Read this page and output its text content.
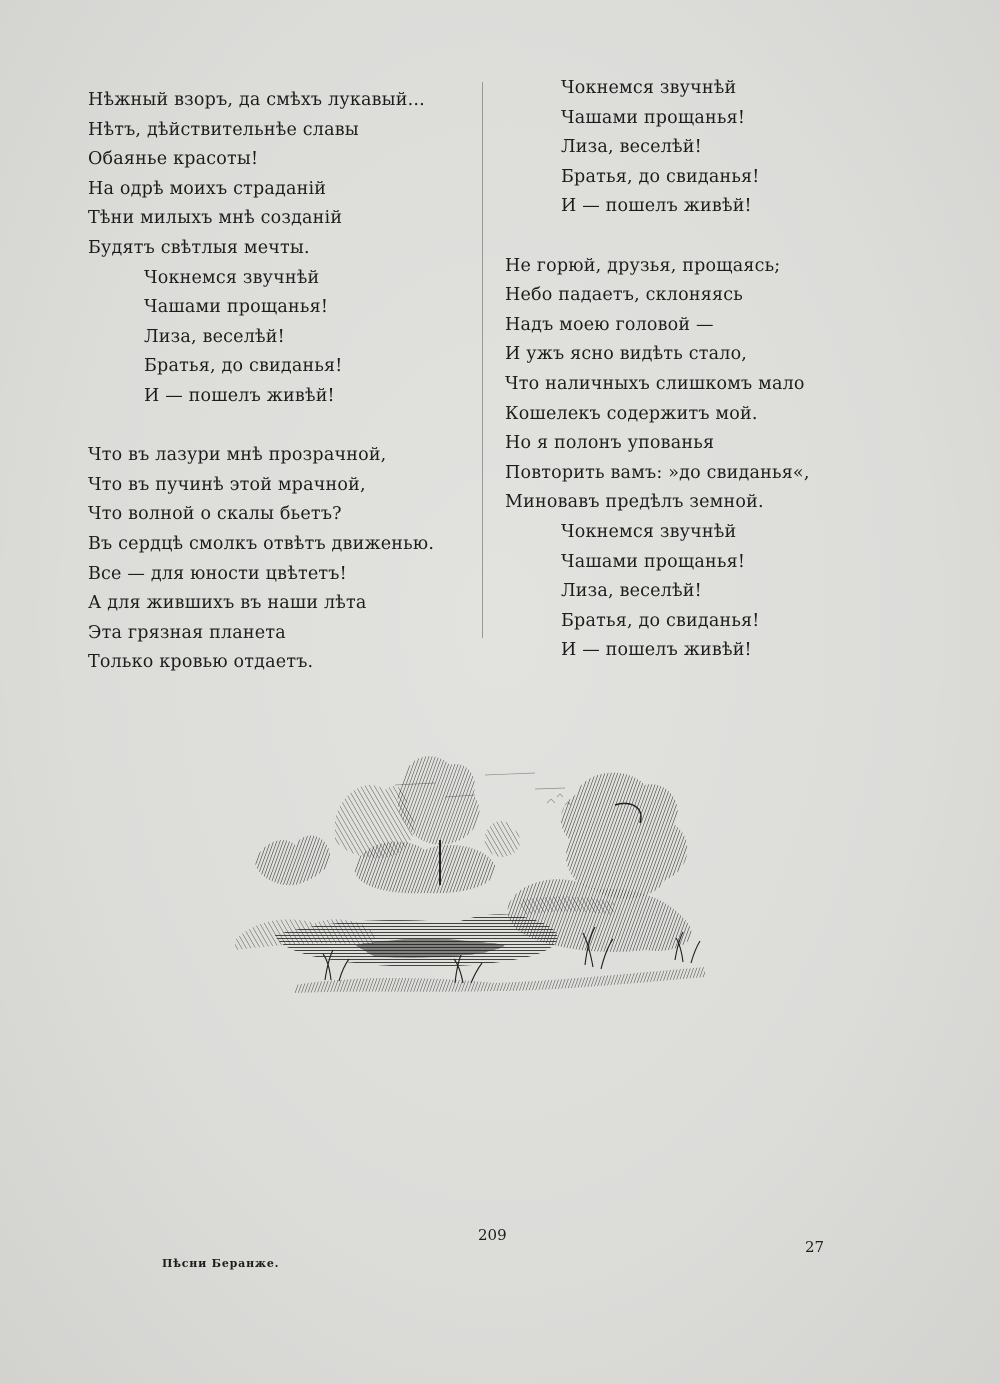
Нѣжный взоръ, да смѣхъ лукавый...
Нѣтъ, дѣйствительнѣе славы
Обаянье красоты!
На одрѣ моихъ страданій
Тѣни милыхъ мнѣ созданій
Будятъ свѣтлыя мечты.
Чокнемся звучнѣй
Чашами прощанья!
Лиза, веселѣй!
Братья, до свиданья!
И — пошелъ живѣй!
Что въ лазури мнѣ прозрачной,
Что въ пучинѣ этой мрачной,
Что волной о скалы бьетъ?
Въ сердцѣ смолкъ отвѣтъ движенью.
Все — для юности цвѣтетъ!
А для жившихъ въ наши лѣта
Эта грязная планета
Только кровью отдаетъ.
Чокнемся звучнѣй
Чашами прощанья!
Лиза, веселѣй!
Братья, до свиданья!
И — пошелъ живѣй!
Не горюй, друзья, прощаясь;
Небо падаетъ, склоняясь
Надъ моею головой —
И ужъ ясно видѣть стало,
Что наличныхъ слишкомъ мало
Кошелекъ содержитъ мой.
Но я полонъ упованья
Повторить вамъ: »до свиданья«,
Миновавъ предѣлъ земной.
Чокнемся звучнѣй
Чашами прощанья!
Лиза, веселѣй!
Братья, до свиданья!
И — пошелъ живѣй!
209
Пѣсни Беранже.
27
